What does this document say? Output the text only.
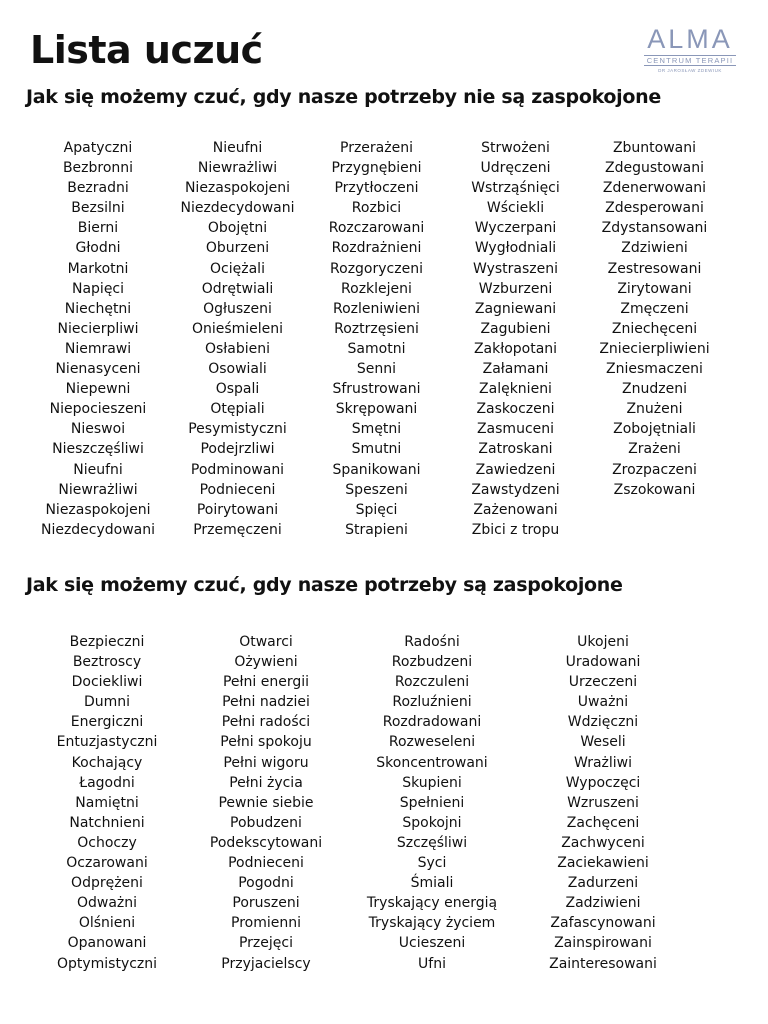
Lista uczuć	ALMA
CENTRUM TERAPII
DR JAROSŁAW ZDEWIUK
Jak się możemy czuć, gdy nasze potrzeby nie są zaspokojone
Apatyczni
Bezbronni
Bezradni
Bezsilni
Bierni
Głodni
Markotni
Napięci
Niechętni
Niecierpliwi
Niemrawi
Nienasyceni
Niepewni
Niepocieszeni
Nieswoi
Nieszczęśliwi
Nieufni
Niewrażliwi
Niezaspokojeni
Niezdecydowani
Nieufni
Niewrażliwi
Niezaspokojeni
Niezdecydowani
Obojętni
Oburzeni
Ociężali
Odrętwiali
Ogłuszeni
Onieśmieleni
Osłabieni
Osowiali
Ospali
Otępiali
Pesymistyczni
Podejrzliwi
Podminowani
Podnieceni
Poirytowani
Przemęczeni
Przerażeni
Przygnębieni
Przytłoczeni
Rozbici
Rozczarowani
Rozdrażnieni
Rozgoryczeni
Rozklejeni
Rozleniwieni
Roztrzęsieni
Samotni
Senni
Sfrustrowani
Skrępowani
Smętni
Smutni
Spanikowani
Speszeni
Spięci
Strapieni
Strwożeni
Udręczeni
Wstrząśnięci
Wściekli
Wyczerpani
Wygłodniali
Wystraszeni
Wzburzeni
Zagniewani
Zagubieni
Zakłopotani
Załamani
Zalęknieni
Zaskoczeni
Zasmuceni
Zatroskani
Zawiedzeni
Zawstydzeni
Zażenowani
Zbici z tropu
Zbuntowani
Zdegustowani
Zdenerwowani
Zdesperowani
Zdystansowani
Zdziwieni
Zestresowani
Zirytowani
Zmęczeni
Zniechęceni
Zniecierpliwieni
Zniesmaczeni
Znudzeni
Znużeni
Zobojętniali
Zrażeni
Zrozpaczeni
Zszokowani
Jak się możemy czuć, gdy nasze potrzeby są zaspokojone
Bezpieczni
Beztroscy
Dociekliwi
Dumni
Energiczni
Entuzjastyczni
Kochający
Łagodni
Namiętni
Natchnieni
Ochoczy
Oczarowani
Odprężeni
Odważni
Olśnieni
Opanowani
Optymistyczni
Otwarci
Ożywieni
Pełni energii
Pełni nadziei
Pełni radości
Pełni spokoju
Pełni wigoru
Pełni życia
Pewnie siebie
Pobudzeni
Podekscytowani
Podnieceni
Pogodni
Poruszeni
Promienni
Przejęci
Przyjacielscy
Radośni
Rozbudzeni
Rozczuleni
Rozluźnieni
Rozdradowani
Rozweseleni
Skoncentrowani
Skupieni
Spełnieni
Spokojni
Szczęśliwi
Syci
Śmiali
Tryskający energią
Tryskający życiem
Ucieszeni
Ufni
Ukojeni
Uradowani
Urzeczeni
Uważni
Wdzięczni
Weseli
Wrażliwi
Wypoczęci
Wzruszeni
Zachęceni
Zachwyceni
Zaciekawieni
Zadurzeni
Zadziwieni
Zafascynowani
Zainspirowani
Zainteresowani
